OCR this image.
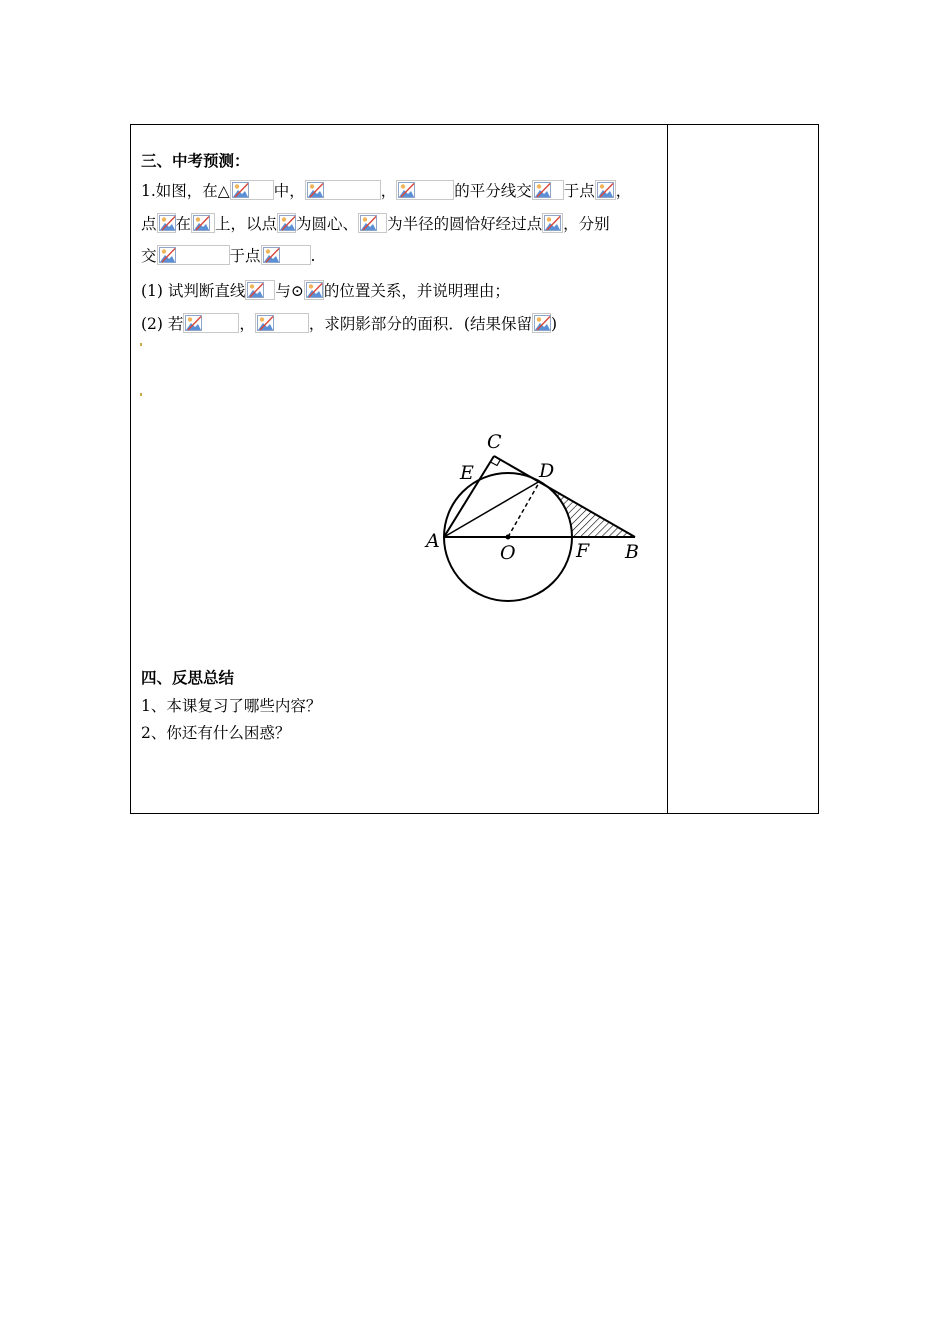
三、中考预测：
1.如图，在△	中，	，	的平分线交 于点 ，
点 在 上，以点 为圆心、 为半径的圆恰好经过点 ，分别
交	于点	.
(1) 试判断直线 与⊙ 的位置关系，并说明理由；
(2) 若	，	，求阴影部分的面积．(结果保留 )
C
E	D
A
O	F B
四、反思总结
1、本课复习了哪些内容？
2、你还有什么困惑？
